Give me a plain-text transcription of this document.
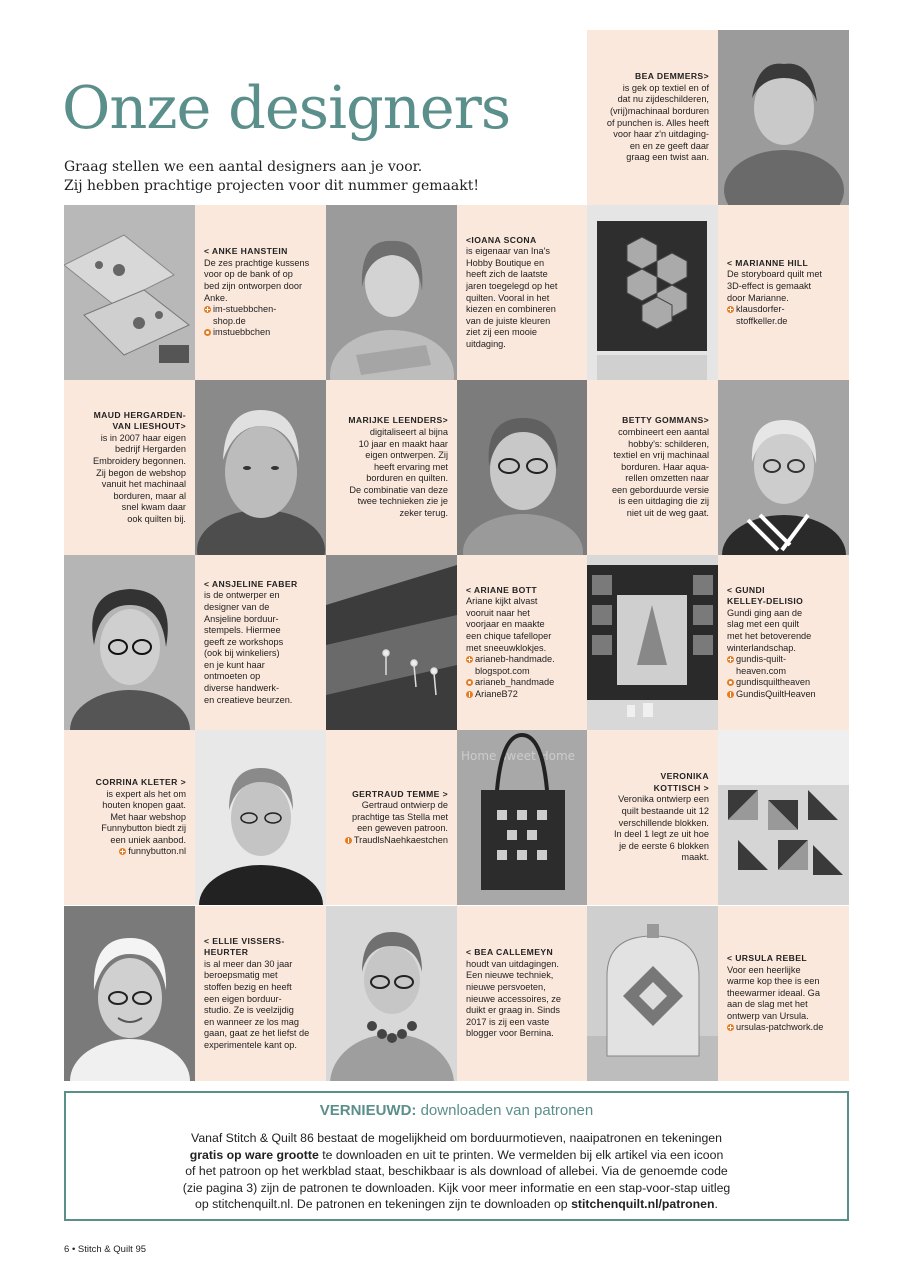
Onze designers
Graag stellen we een aantal designers aan je voor.
Zij hebben prachtige projecten voor dit nummer gemaakt!
BEA DEMMERS>
is gek op textiel en of
dat nu zijdeschilderen,
(vrij)machinaal borduren
of punchen is. Alles heeft
voor haar z'n uitdaging-
en en ze geeft daar
graag een twist aan.
< ANKE HANSTEIN
De zes prachtige kussens
voor op de bank of op
bed zijn ontworpen door
Anke.
im-stuebbchen-
shop.de
imstuebbchen
<IOANA SCONA
is eigenaar van Ina's
Hobby Boutique en
heeft zich de laatste
jaren toegelegd op het
quilten. Vooral in het
kiezen en combineren
van de juiste kleuren
ziet zij een mooie
uitdaging.
< MARIANNE HILL
De storyboard quilt met
3D-effect is gemaakt
door Marianne.
klausdorfer-
stoffkeller.de
MAUD HERGARDEN-
VAN LIESHOUT>
is in 2007 haar eigen
bedrijf Hergarden
Embroidery begonnen.
Zij begon de webshop
vanuit het machinaal
borduren, maar al
snel kwam daar
ook quilten bij.
MARIJKE LEENDERS>
digitaliseert al bijna
10 jaar en maakt haar
eigen ontwerpen. Zij
heeft ervaring met
borduren en quilten.
De combinatie van deze
twee technieken zie je
zeker terug.
BETTY GOMMANS>
combineert een aantal
hobby's: schilderen,
textiel en vrij machinaal
borduren. Haar aqua-
rellen omzetten naar
een geborduurde versie
is een uitdaging die zij
niet uit de weg gaat.
< ANSJELINE FABER
is de ontwerper en
designer van de
Ansjeline borduur-
stempels. Hiermee
geeft ze workshops
(ook bij winkeliers)
en je kunt haar
ontmoeten op
diverse handwerk-
en creatieve beurzen.
< ARIANE BOTT
Ariane kijkt alvast
vooruit naar het
voorjaar en maakte
een chique tafelloper
met sneeuwklokjes.
arianeb-handmade.
blogspot.com
arianeb_handmade
ArianeB72
< GUNDI
KELLEY-DELISIO
Gundi ging aan de
slag met een quilt
met het betoverende
winterlandschap.
gundis-quilt-
heaven.com
gundisquiltheaven
GundisQuiltHeaven
CORRINA KLETER >
is expert als het om
houten knopen gaat.
Met haar webshop
Funnybutton biedt zij
een uniek aanbod.
funnybutton.nl
GERTRAUD TEMME >
Gertraud ontwierp de
prachtige tas Stella met
een geweven patroon.
TraudlsNaehkaestchen
Home sweet Home
VERONIKA
KOTTISCH >
Veronika ontwierp een
quilt bestaande uit 12
verschillende blokken.
In deel 1 legt ze uit hoe
je de eerste 6 blokken
maakt.
< ELLIE VISSERS-
HEURTER
is al meer dan 30 jaar
beroepsmatig met
stoffen bezig en heeft
een eigen borduur-
studio. Ze is veelzijdig
en wanneer ze los mag
gaan, gaat ze het liefst de
experimentele kant op.
< BEA CALLEMEYN
houdt van uitdagingen.
Een nieuwe techniek,
nieuwe persvoeten,
nieuwe accessoires, ze
duikt er graag in. Sinds
2017 is zij een vaste
blogger voor Bernina.
< URSULA REBEL
Voor een heerlijke
warme kop thee is een
theewarmer ideaal. Ga
aan de slag met het
ontwerp van Ursula.
ursulas-patchwork.de
VERNIEUWD: downloaden van patronen
Vanaf Stitch & Quilt 86 bestaat de mogelijkheid om borduurmotieven, naaipatronen en tekeningen
gratis op ware grootte te downloaden en uit te printen. We vermelden bij elk artikel via een icoon
of het patroon op het werkblad staat, beschikbaar is als download of allebei. Via de genoemde code
(zie pagina 3) zijn de patronen te downloaden. Kijk voor meer informatie en een stap-voor-stap uitleg
op stitchenquilt.nl. De patronen en tekeningen zijn te downloaden op stitchenquilt.nl/patronen.
6 • Stitch & Quilt 95
